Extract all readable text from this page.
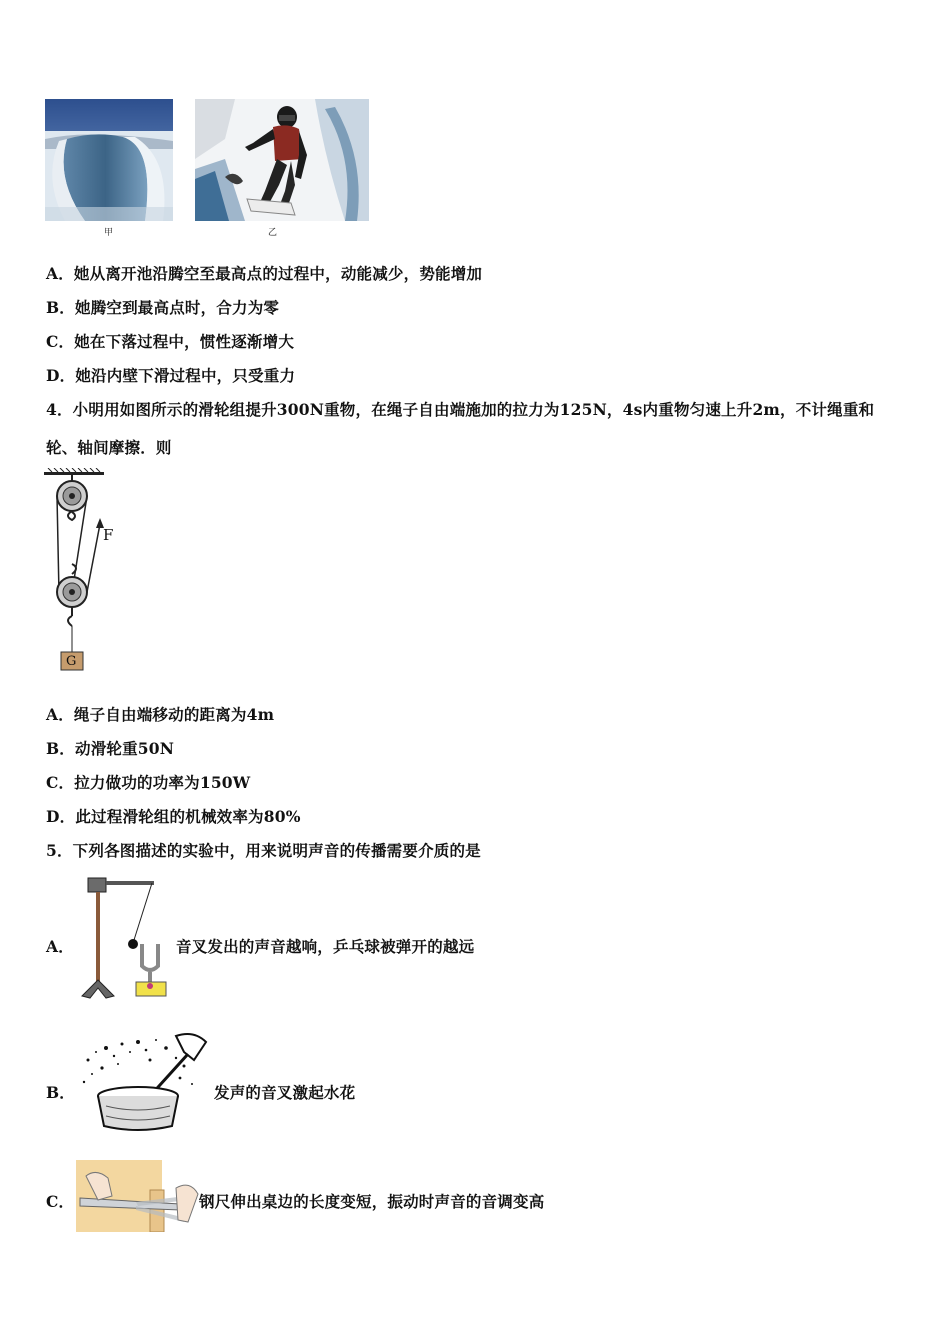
甲	乙
A．她从离开池沿腾空至最高点的过程中，动能减少，势能增加
B．她腾空到最高点时，合力为零
C．她在下落过程中，惯性逐渐增大
D．她沿内壁下滑过程中，只受重力
4．小明用如图所示的滑轮组提升300N重物，在绳子自由端施加的拉力为125N，4s内重物匀速上升2m，不计绳重和
轮、轴间摩擦．则
F
G
A．绳子自由端移动的距离为4m
B．动滑轮重50N
C．拉力做功的功率为150W
D．此过程滑轮组的机械效率为80%
5．下列各图描述的实验中，用来说明声音的传播需要介质的是
A．	音叉发出的声音越响，乒乓球被弹开的越远
B．	发声的音叉激起水花
C．	钢尺伸出桌边的长度变短，振动时声音的音调变高
